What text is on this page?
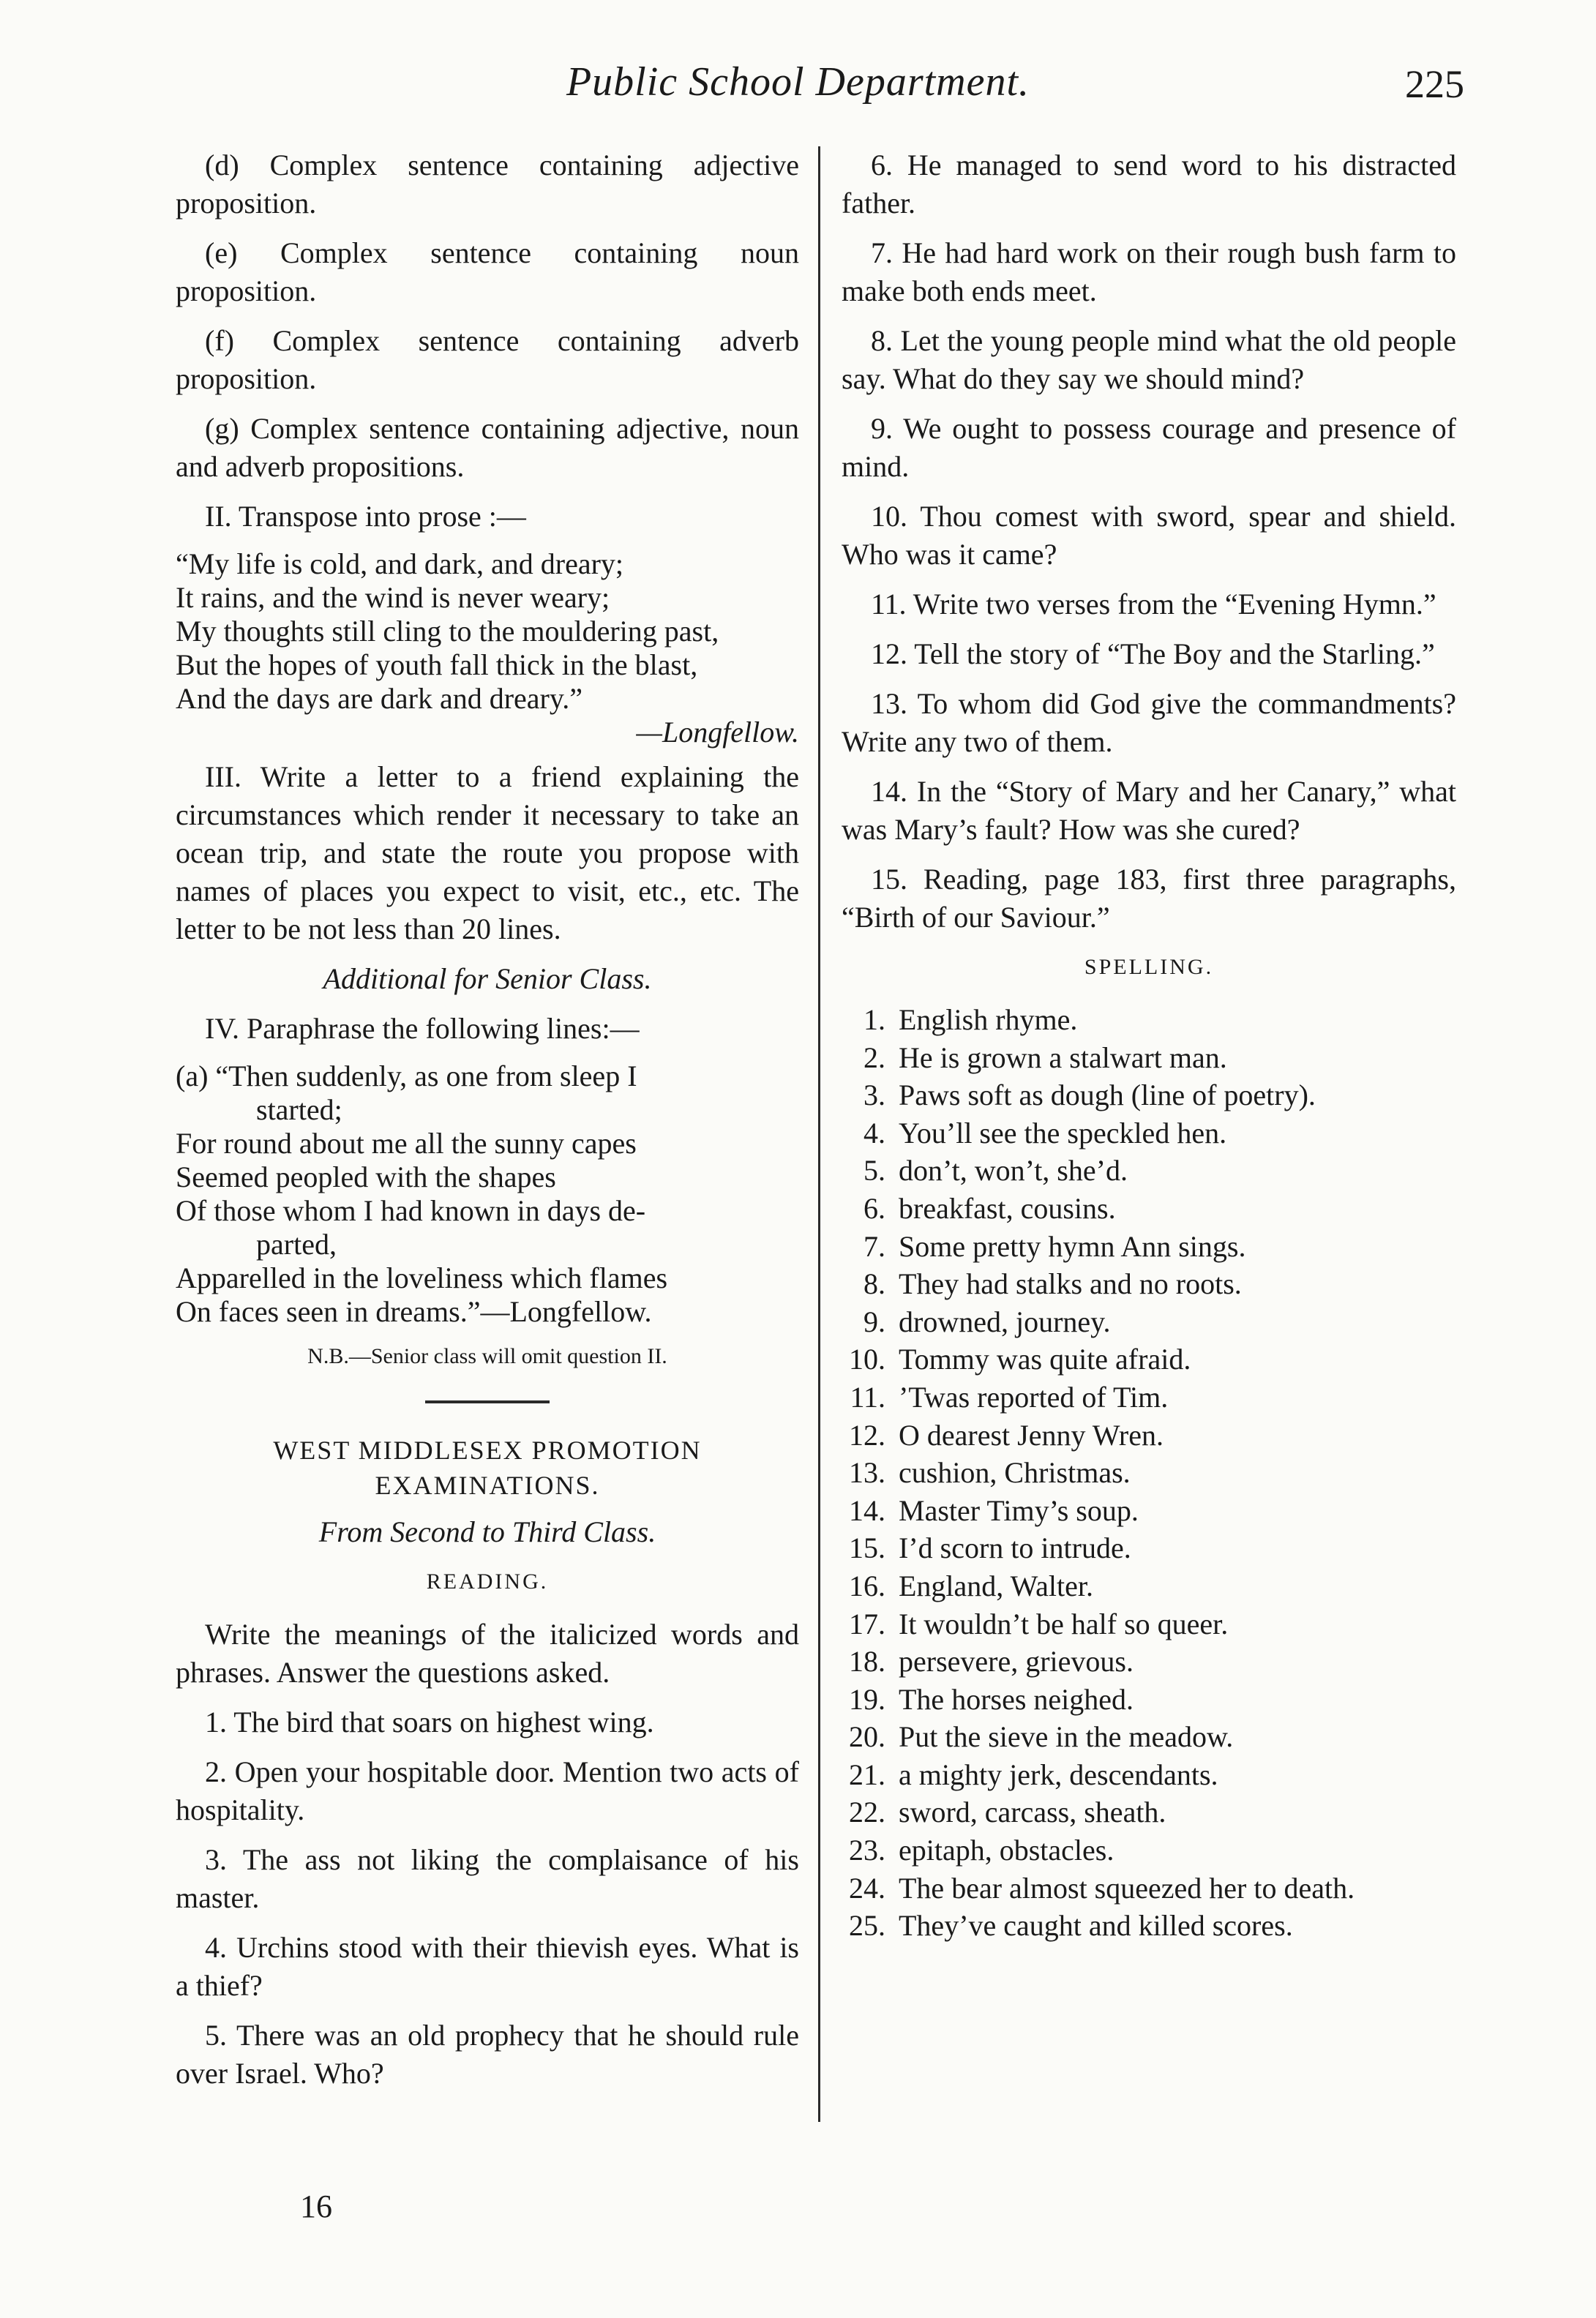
Public School Department.	225

(d) Complex sentence containing adjective proposition.

(e) Complex sentence containing noun proposition.

(f) Complex sentence containing adverb proposition.

(g) Complex sentence containing adjective, noun and adverb propositions.

II. Transpose into prose :—

“My life is cold, and dark, and dreary;
It rains, and the wind is never weary;
My thoughts still cling to the mouldering past,
But the hopes of youth fall thick in the blast,
And the days are dark and dreary.”
—Longfellow.

III. Write a letter to a friend explaining the circumstances which render it necessary to take an ocean trip, and state the route you propose with names of places you expect to visit, etc., etc. The letter to be not less than 20 lines.

Additional for Senior Class.

IV. Paraphrase the following lines:—

(a) “Then suddenly, as one from sleep I
started;
For round about me all the sunny capes
Seemed peopled with the shapes
Of those whom I had known in days de-
parted,
Apparelled in the loveliness which flames
On faces seen in dreams.”—Longfellow.
N.B.—Senior class will omit question II.
WEST MIDDLESEX PROMOTION EXAMINATIONS.

From Second to Third Class.

READING.

Write the meanings of the italicized words and phrases. Answer the questions asked.

1. The bird that soars on highest wing.

2. Open your hospitable door. Mention two acts of hospitality.

3. The ass not liking the complaisance of his master.

4. Urchins stood with their thievish eyes. What is a thief?

5. There was an old prophecy that he should rule over Israel. Who?

16

6. He managed to send word to his distracted father.

7. He had hard work on their rough bush farm to make both ends meet.

8. Let the young people mind what the old people say. What do they say we should mind?

9. We ought to possess courage and presence of mind.

10. Thou comest with sword, spear and shield. Who was it came?

11. Write two verses from the “Evening Hymn.”

12. Tell the story of “The Boy and the Starling.”

13. To whom did God give the commandments? Write any two of them.

14. In the “Story of Mary and her Canary,” what was Mary’s fault? How was she cured?

15. Reading, page 183, first three paragraphs, “Birth of our Saviour.”

SPELLING.
1. English rhyme.
2. He is grown a stalwart man.
3. Paws soft as dough (line of poetry).
4. You’ll see the speckled hen.
5. don’t, won’t, she’d.
6. breakfast, cousins.
7. Some pretty hymn Ann sings.
8. They had stalks and no roots.
9. drowned, journey.
10. Tommy was quite afraid.
11. ’Twas reported of Tim.
12. O dearest Jenny Wren.
13. cushion, Christmas.
14. Master Timy’s soup.
15. I’d scorn to intrude.
16. England, Walter.
17. It wouldn’t be half so queer.
18. persevere, grievous.
19. The horses neighed.
20. Put the sieve in the meadow.
21. a mighty jerk, descendants.
22. sword, carcass, sheath.
23. epitaph, obstacles.
24. The bear almost squeezed her to death.
25. They’ve caught and killed scores.
